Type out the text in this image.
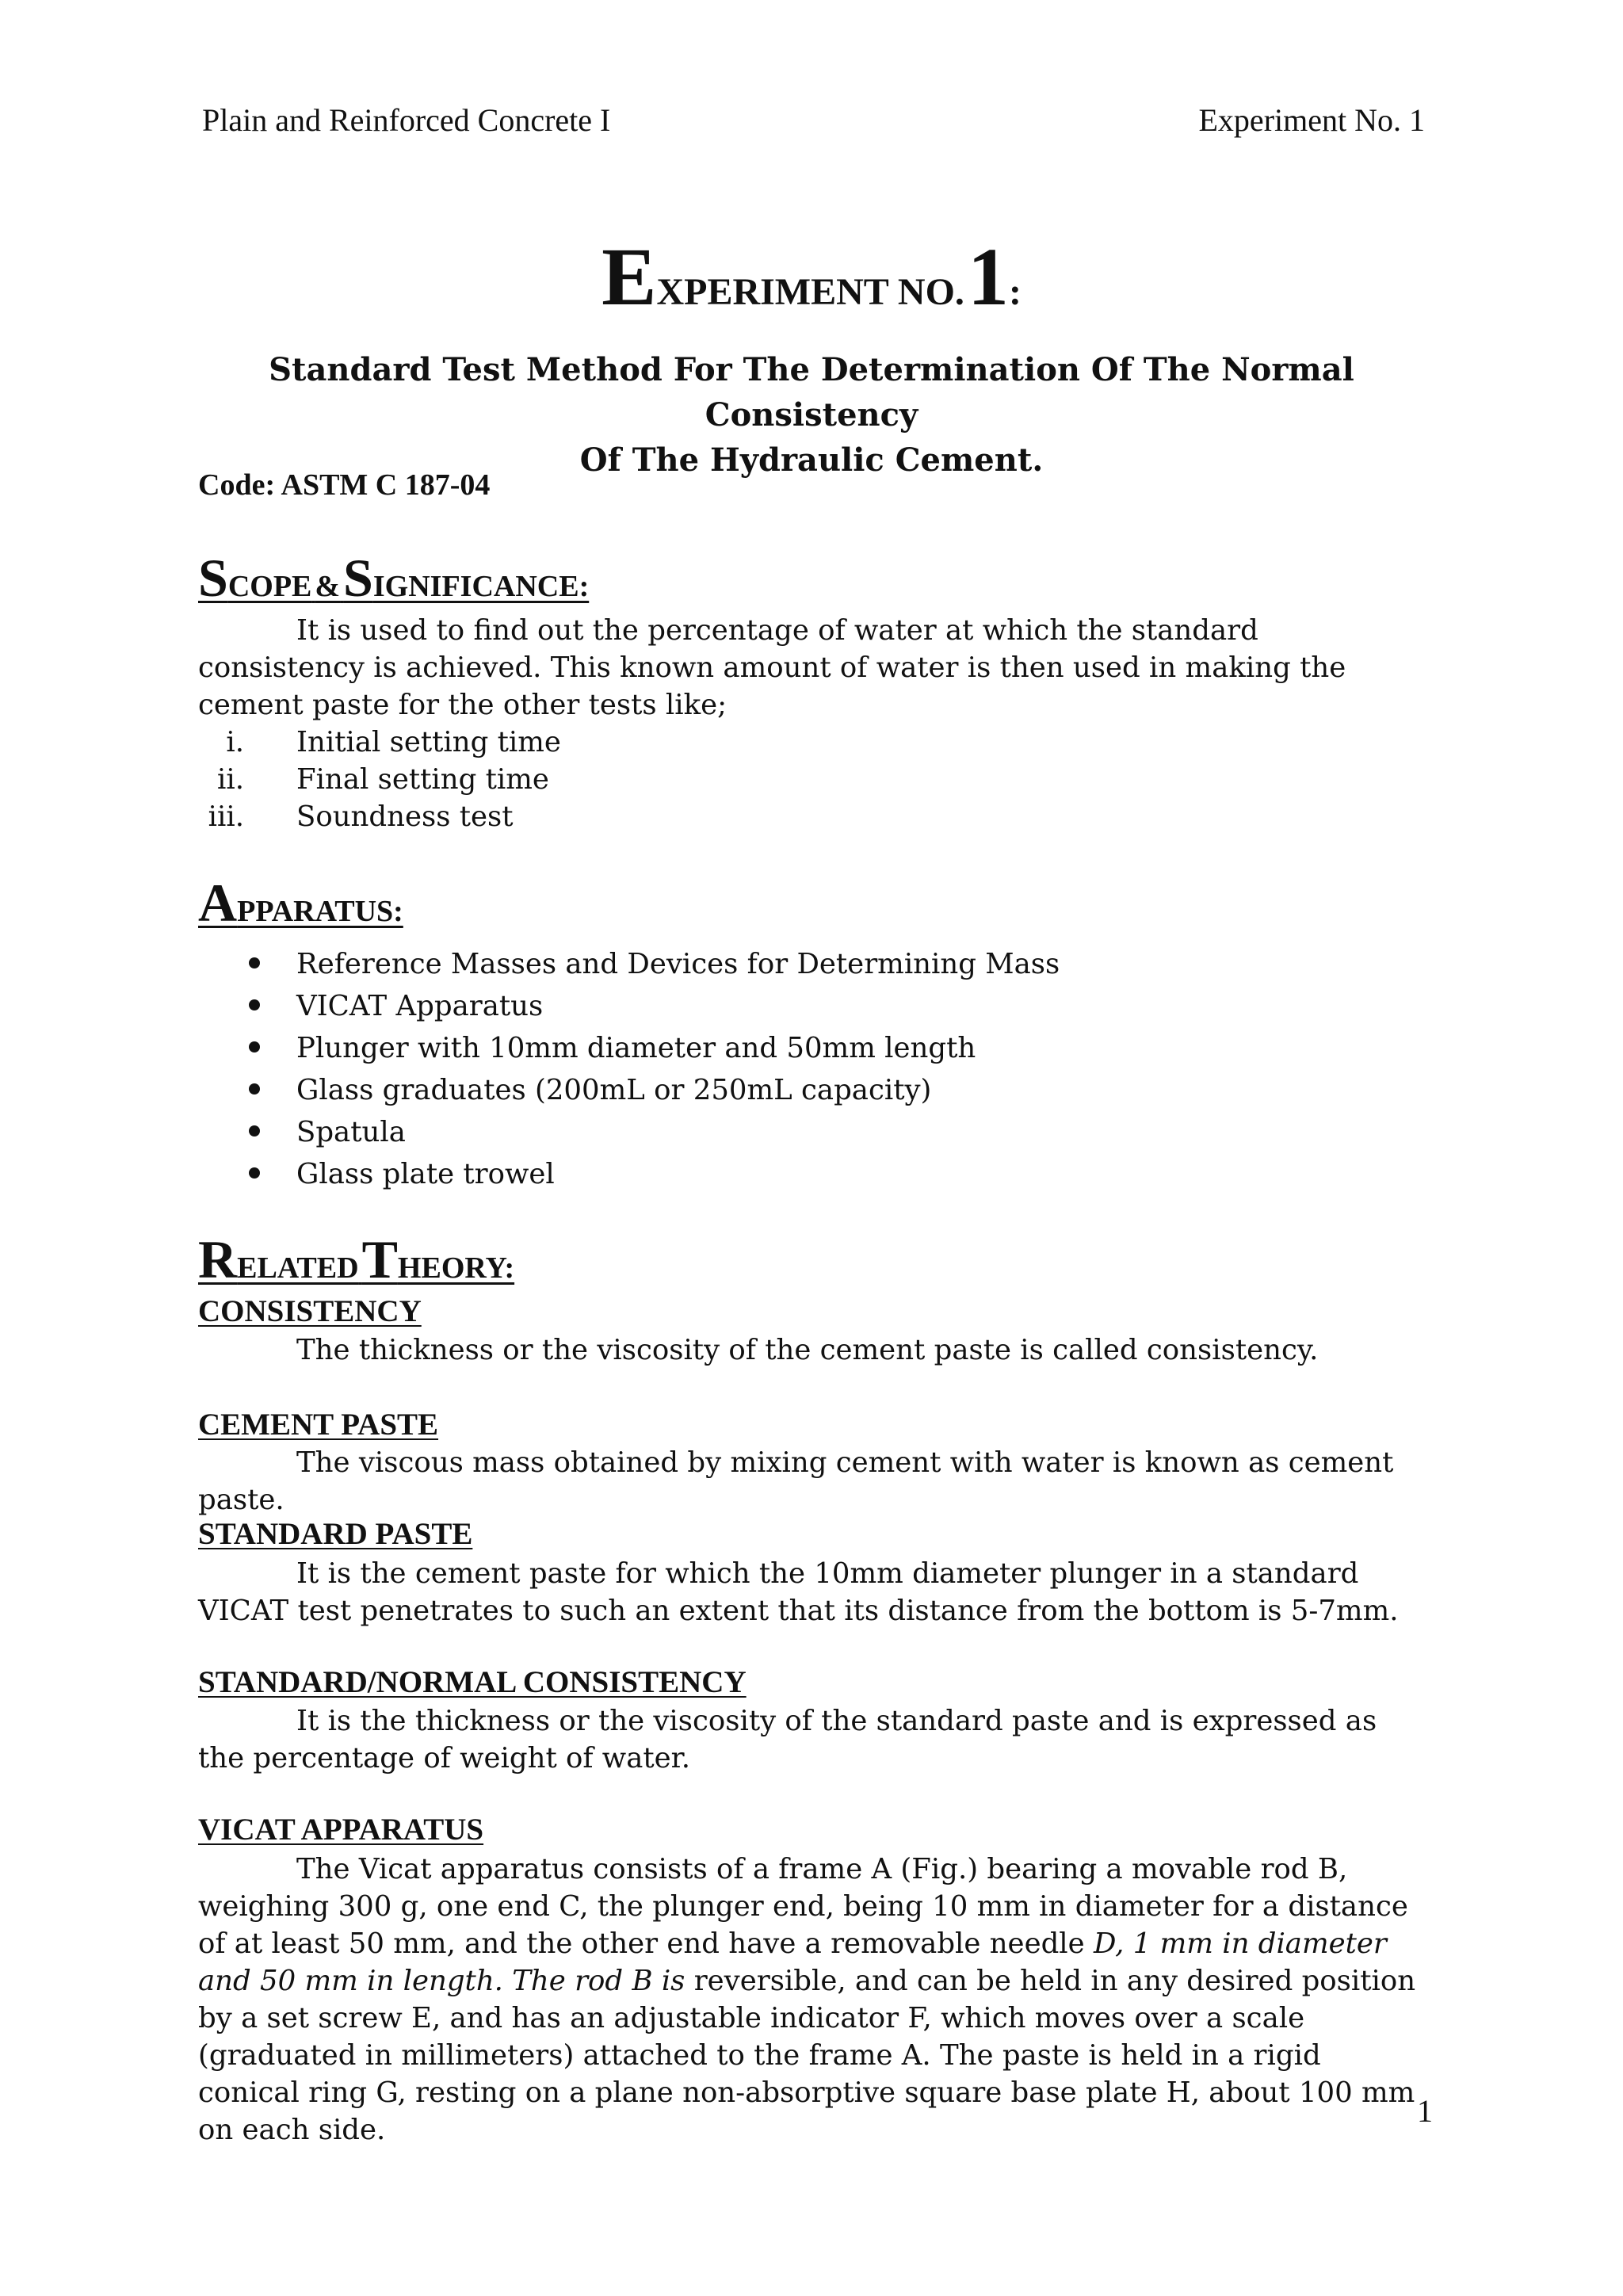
Plain and Reinforced Concrete I	Experiment No. 1
EXPERIMENT NO. 1:
Standard Test Method For The Determination Of The Normal Consistency
Of The Hydraulic Cement.
Code: ASTM C 187-04
SCOPE & SIGNIFICANCE:
It is used to find out the percentage of water at which the standard consistency is achieved. This known amount of water is then used in making the cement paste for the other tests like;
i. Initial setting time
ii. Final setting time
iii. Soundness test
APPARATUS:
Reference Masses and Devices for Determining Mass
VICAT Apparatus
Plunger with 10mm diameter and 50mm length
Glass graduates (200mL or 250mL capacity)
Spatula
Glass plate trowel
RELATED THEORY:
CONSISTENCY
The thickness or the viscosity of the cement paste is called consistency.
CEMENT PASTE
The viscous mass obtained by mixing cement with water is known as cement paste.
STANDARD PASTE
It is the cement paste for which the 10mm diameter plunger in a standard VICAT test penetrates to such an extent that its distance from the bottom is 5-7mm.
STANDARD/NORMAL CONSISTENCY
It is the thickness or the viscosity of the standard paste and is expressed as the percentage of weight of water.
VICAT APPARATUS
The Vicat apparatus consists of a frame A (Fig.) bearing a movable rod B, weighing 300 g, one end C, the plunger end, being 10 mm in diameter for a distance of at least 50 mm, and the other end have a removable needle D, 1 mm in diameter and 50 mm in length. The rod B is reversible, and can be held in any desired position by a set screw E, and has an adjustable indicator F, which moves over a scale (graduated in millimeters) attached to the frame A. The paste is held in a rigid conical ring G, resting on a plane non-absorptive square base plate H, about 100 mm on each side.
1
